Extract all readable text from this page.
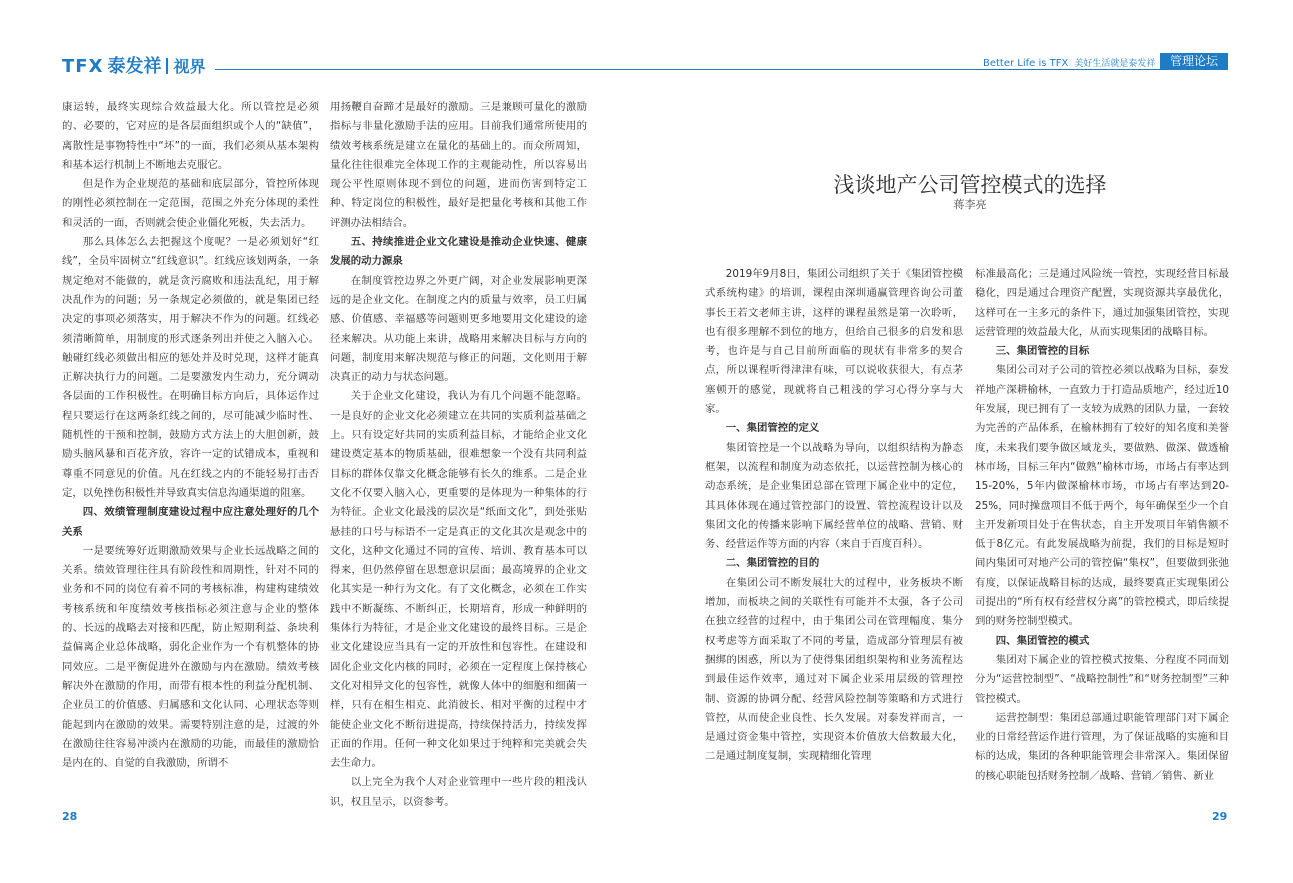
TFX 泰发祥 视界	Better Life is TFX 美好生活就是泰发祥	管理论坛

康运转，最终实现综合效益最大化。所以管控是必须的、必要的，它对应的是各层面组织或个人的“缺值”，离散性是事物特性中“坏”的一面，我们必须从基本架构和基本运行机制上不断地去克服它。

但是作为企业规范的基础和底层部分，管控所体现的刚性必须控制在一定范围，范围之外充分体现的柔性和灵活的一面，否则就会使企业僵化死板，失去活力。

那么具体怎么去把握这个度呢？一是必须划好“红线”，全员牢固树立“红线意识”。红线应该划两条，一条规定绝对不能做的，就是贪污腐败和违法乱纪，用于解决乱作为的问题；另一条规定必须做的，就是集团已经决定的事项必须落实，用于解决不作为的问题。红线必须清晰简单，用制度的形式逐条列出并使之入脑入心。触碰红线必须做出相应的惩处并及时兑现，这样才能真正解决执行力的问题。二是要激发内生动力，充分调动各层面的工作积极性。在明确目标方向后，具体运作过程只要运行在这两条红线之间的，尽可能减少临时性、随机性的干预和控制，鼓励方式方法上的大胆创新，鼓励头脑风暴和百花齐放，容许一定的试错成本，重视和尊重不同意见的价值。凡在红线之内的不能轻易打击否定，以免挫伤积极性并导致真实信息沟通渠道的阻塞。

四、效绩管理制度建设过程中应注意处理好的几个关系

一是要统筹好近期激励效果与企业长远战略之间的关系。绩效管理往往具有阶段性和周期性，针对不同的业务和不同的岗位有着不同的考核标准，构建构建绩效考核系统和年度绩效考核指标必须注意与企业的整体的、长远的战略去对接和匹配，防止短期利益、条块利益偏离企业总体战略，弱化企业作为一个有机整体的协同效应。二是平衡促进外在激励与内在激励。绩效考核解决外在激励的作用，而带有根本性的利益分配机制、企业员工的价值感、归属感和文化认同、心理状态等则能起到内在激励的效果。需要特别注意的是，过渡的外在激励往往容易冲淡内在激励的功能，而最佳的激励恰是内在的、自觉的自我激励，所谓不

用扬鞭自奋蹄才是最好的激励。三是兼顾可量化的激励指标与非量化激励手法的应用。目前我们通常所使用的绩效考核系统是建立在量化的基础上的。而众所周知，量化往往很难完全体现工作的主观能动性，所以容易出现公平性原则体现不到位的问题，进而伤害到特定工种、特定岗位的积极性，最好是把量化考核和其他工作评测办法相结合。

五、持续推进企业文化建设是推动企业快速、健康发展的动力源泉

在制度管控边界之外更广阔，对企业发展影响更深远的是企业文化。在制度之内的质量与效率，员工归属感、价值感、幸福感等问题则更多地要用文化建设的途径来解决。从功能上来讲，战略用来解决目标与方向的问题，制度用来解决规范与修正的问题，文化则用于解决真正的动力与状态问题。

关于企业文化建设，我认为有几个问题不能忽略。一是良好的企业文化必须建立在共同的实质利益基础之上。只有设定好共同的实质利益目标，才能给企业文化建设奠定基本的物质基础，很难想象一个没有共同利益目标的群体仅靠文化概念能够有长久的维系。二是企业文化不仅要入脑入心，更重要的是体现为一种集体的行为特征。企业文化最浅的层次是“纸面文化”，到处张贴悬挂的口号与标语不一定是真正的文化其次是观念中的文化，这种文化通过不同的宣传、培训、教育基本可以得来，但仍然停留在思想意识层面；最高境界的企业文化其实是一种行为文化。有了文化概念，必须在工作实践中不断凝练、不断纠正，长期培育，形成一种鲜明的集体行为特征，才是企业文化建设的最终目标。三是企业文化建设应当具有一定的开放性和包容性。在建设和固化企业文化内核的同时，必须在一定程度上保持核心文化对相异文化的包容性，就像人体中的细胞和细菌一样，只有在相生相克、此消彼长、相对平衡的过程中才能使企业文化不断衍进提高，持续保持活力，持续发挥正面的作用。任何一种文化如果过于纯粹和完美就会失去生命力。

以上完全为我个人对企业管理中一些片段的粗浅认识，权且呈示，以资参考。

浅谈地产公司管控模式的选择
蒋李亮

2019年9月8日，集团公司组织了关于《集团管控模式系统构建》的培训，课程由深圳通赢管理咨询公司董事长王若文老师主讲，这样的课程虽然是第一次聆听，也有很多理解不到位的地方，但给自己很多的启发和思考，也许是与自己目前所面临的现状有非常多的契合点，所以课程听得津津有味，可以说收获很大，有点茅塞顿开的感觉，现就将自己粗浅的学习心得分享与大家。

一、集团管控的定义

集团管控是一个以战略为导向，以组织结构为静态框架，以流程和制度为动态依托，以运营控制为核心的动态系统，是企业集团总部在管理下属企业中的定位，其具体体现在通过管控部门的设置、管控流程设计以及集团文化的传播来影响下属经营单位的战略、营销、财务、经营运作等方面的内容（来自于百度百科）。

二、集团管控的目的

在集团公司不断发展壮大的过程中，业务板块不断增加，而板块之间的关联性有可能并不太强，各子公司在独立经营的过程中，由于集团公司在管理幅度、集分权考虑等方面采取了不同的考量，造成部分管理层有被捆绑的困惑，所以为了使得集团组织架构和业务流程达到最佳运作效率，通过对下属企业采用层级的管理控制、资源的协调分配、经营风险控制等策略和方式进行管控，从而使企业良性、长久发展。对泰发祥而言，一是通过资金集中管控，实现资本价值放大倍数最大化，二是通过制度复制，实现精细化管理

标准最高化；三是通过风险统一管控，实现经营目标最稳化，四是通过合理资产配置，实现资源共享最优化，这样可在一主多元的条件下，通过加强集团管控，实现运营管理的效益最大化，从而实现集团的战略目标。

三、集团管控的目标

集团公司对子公司的管控必须以战略为目标，泰发祥地产深耕榆林，一直致力于打造品质地产，经过近10年发展，现已拥有了一支较为成熟的团队力量，一套较为完善的产品体系，在榆林拥有了较好的知名度和美誉度，未来我们要争做区域龙头，要做熟、做深、做透榆林市场，目标三年内“做熟”榆林市场，市场占有率达到15-20%，5年内做深榆林市场，市场占有率达到20-25%，同时操盘项目不低于两个，每年确保至少一个自主开发新项目处于在售状态，自主开发项目年销售额不低于8亿元。有此发展战略为前提，我们的目标是短时间内集团可对地产公司的管控偏“集权”，但要做到张弛有度，以保证战略目标的达成，最终要真正实现集团公司提出的“所有权有经营权分离”的管控模式，即后续提到的财务控制型模式。

四、集团管控的模式

集团对下属企业的管控模式按集、分程度不同而划分为“运营控制型”、“战略控制性”和“财务控制型”三种管控模式。

运营控制型：集团总部通过职能管理部门对下属企业的日常经营运作进行管理，为了保证战略的实施和目标的达成，集团的各种职能管理会非常深入。集团保留的核心职能包括财务控制／战略、营销／销售、新业

28	29
